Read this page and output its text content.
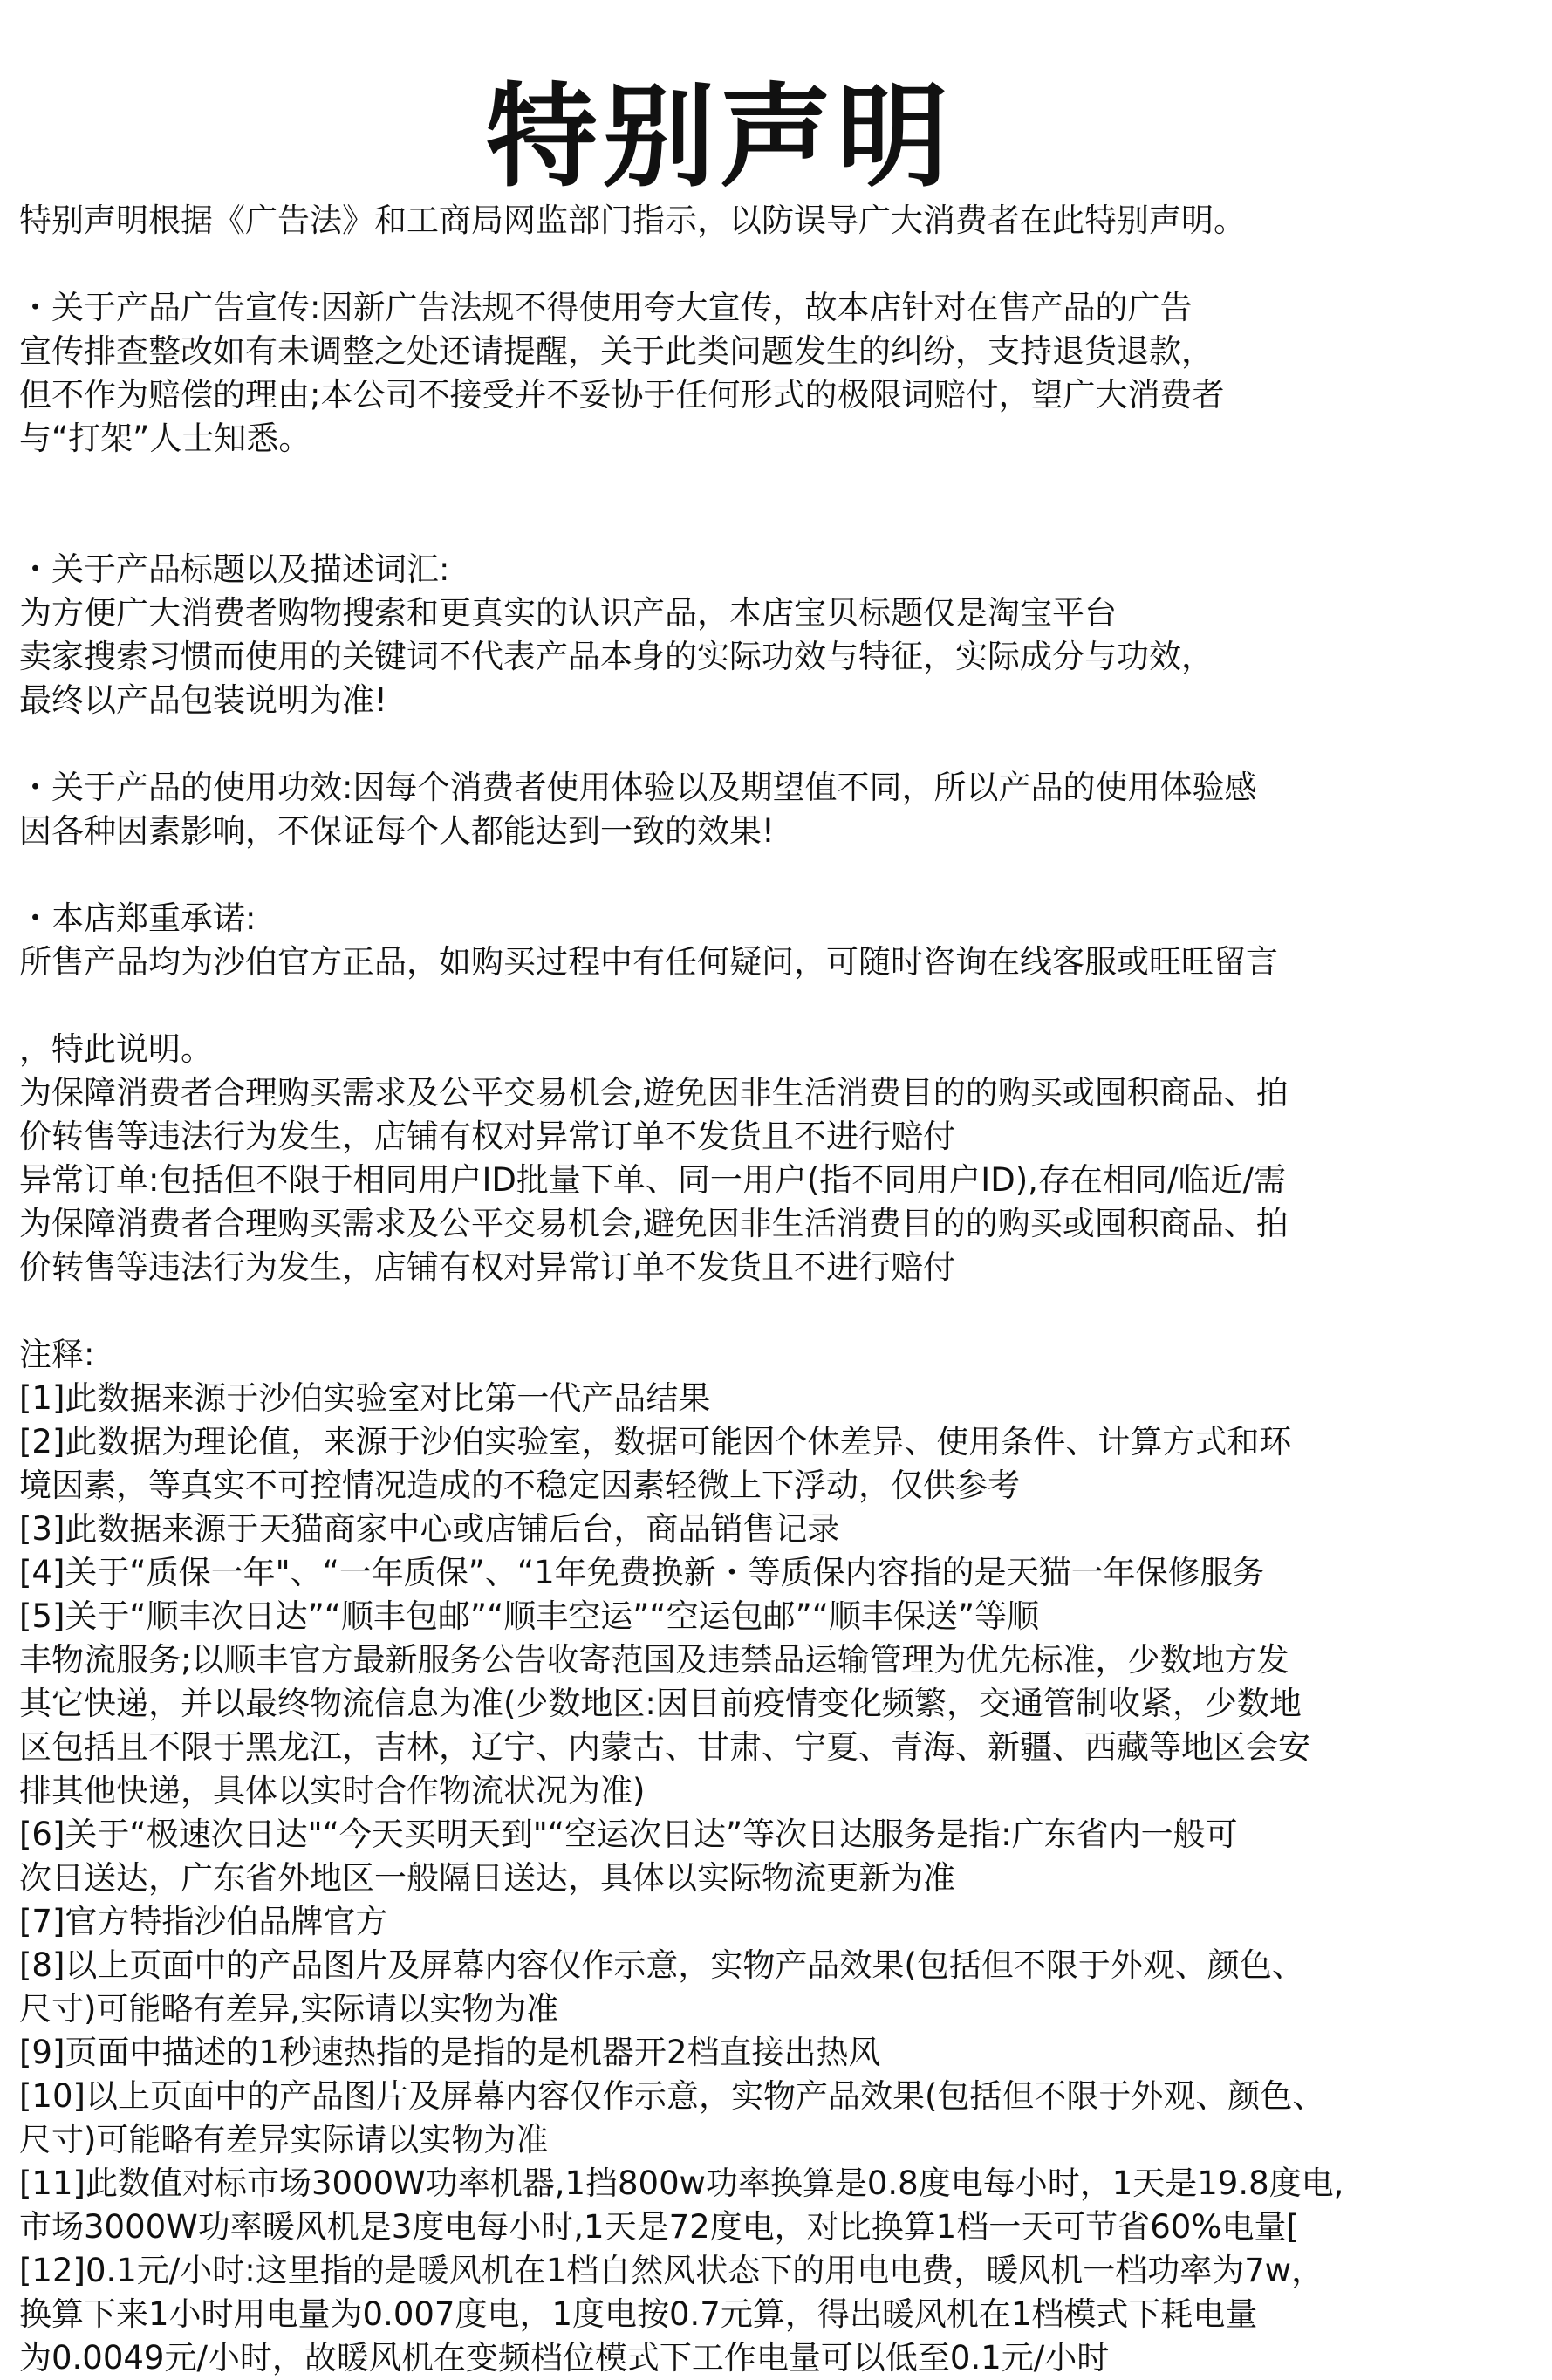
特别声明
特别声明根据《广告法》和工商局网监部门指示，以防误导广大消费者在此特别声明。
・关于产品广告宣传:因新广告法规不得使用夸大宣传，故本店针对在售产品的广告
宣传排查整改如有未调整之处还请提醒，关于此类问题发生的纠纷，支持退货退款，
但不作为赔偿的理由;本公司不接受并不妥协于任何形式的极限词赔付，望广大消费者
与“打架”人士知悉。
・关于产品标题以及描述词汇:
为方便广大消费者购物搜索和更真实的认识产品，本店宝贝标题仅是淘宝平台
卖家搜索习惯而使用的关键词不代表产品本身的实际功效与特征，实际成分与功效，
最终以产品包装说明为准!
・关于产品的使用功效:因每个消费者使用体验以及期望值不同，所以产品的使用体验感
因各种因素影响，不保证每个人都能达到一致的效果!
・本店郑重承诺:
所售产品均为沙伯官方正品，如购买过程中有任何疑问，可随时咨询在线客服或旺旺留言
，特此说明。
为保障消费者合理购买需求及公平交易机会,遊免因非生活消费目的的购买或囤积商品、拍
价转售等违法行为发生，店铺有权对异常订单不发货且不进行赔付
异常订单:包括但不限于相同用户ID批量下单、同一用户(指不同用户ID),存在相同/临近/需
为保障消费者合理购买需求及公平交易机会,避免因非生活消费目的的购买或囤积商品、拍
价转售等违法行为发生，店铺有权对异常订单不发货且不进行赔付
注释:
[1]此数据来源于沙伯实验室对比第一代产品结果
[2]此数据为理论值，来源于沙伯实验室，数据可能因个休差异、使用条件、计算方式和环
境因素，等真实不可控情况造成的不稳定因素轻微上下浮动，仅供参考
[3]此数据来源于天猫商家中心或店铺后台，商品销售记录
[4]关于“质保一年"、“一年质保”、“1年免费换新・等质保内容指的是天猫一年保修服务
[5]关于“顺丰次日达”“顺丰包邮”“顺丰空运”“空运包邮”“顺丰保送”等顺
丰物流服务;以顺丰官方最新服务公告收寄范国及违禁品运输管理为优先标准，少数地方发
其它快递，并以最终物流信息为准(少数地区:因目前疫情变化频繁，交通管制收紧，少数地
区包括且不限于黑龙江，吉林，辽宁、内蒙古、甘肃、宁夏、青海、新疆、西藏等地区会安
排其他快递，具体以实时合作物流状况为准)
[6]关于“极速次日达"“今天买明天到"“空运次日达”等次日达服务是指:广东省内一般可
次日送达，广东省外地区一般隔日送达，具体以实际物流更新为准
[7]官方特指沙伯品牌官方
[8]以上页面中的产品图片及屏幕内容仅作示意，实物产品效果(包括但不限于外观、颜色、
尺寸)可能略有差异,实际请以实物为准
[9]页面中描述的1秒速热指的是指的是机器开2档直接出热风
[10]以上页面中的产品图片及屏幕内容仅作示意，实物产品效果(包括但不限于外观、颜色、
尺寸)可能略有差异实际请以实物为准
[11]此数值对标市场3000W功率机器,1挡800w功率换算是0.8度电每小时，1天是19.8度电,
市场3000W功率暖风机是3度电每小时,1天是72度电，对比换算1档一天可节省60%电量[
[12]0.1元/小时:这里指的是暖风机在1档自然风状态下的用电电费，暖风机一档功率为7w，
换算下来1小时用电量为0.007度电，1度电按0.7元算，得出暖风机在1档模式下耗电量
为0.0049元/小时，故暖风机在变频档位模式下工作电量可以低至0.1元/小时
